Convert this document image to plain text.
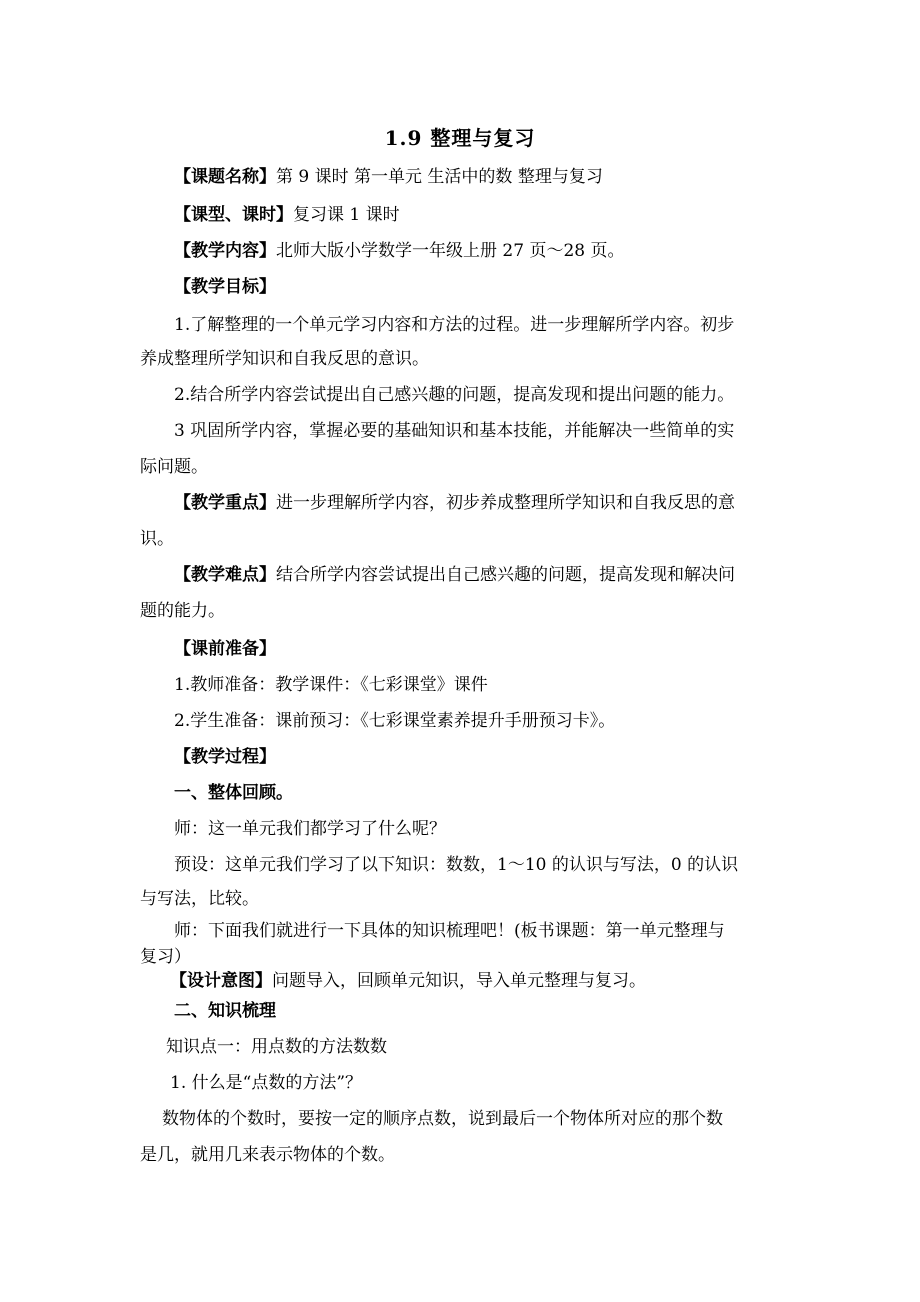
1.9 整理与复习
【课题名称】第 9 课时 第一单元 生活中的数 整理与复习
【课型、课时】复习课 1 课时
【教学内容】北师大版小学数学一年级上册 27 页～28 页。
【教学目标】
1.了解整理的一个单元学习内容和方法的过程。进一步理解所学内容。初步
养成整理所学知识和自我反思的意识。
2.结合所学内容尝试提出自己感兴趣的问题，提高发现和提出问题的能力。
3 巩固所学内容，掌握必要的基础知识和基本技能，并能解决一些简单的实
际问题。
【教学重点】进一步理解所学内容，初步养成整理所学知识和自我反思的意
识。
【教学难点】结合所学内容尝试提出自己感兴趣的问题，提高发现和解决问
题的能力。
【课前准备】
1.教师准备：教学课件：《七彩课堂》课件
2.学生准备：课前预习：《七彩课堂素养提升手册预习卡》。
【教学过程】
一、整体回顾。
师：这一单元我们都学习了什么呢？
预设：这单元我们学习了以下知识：数数，1～10 的认识与写法，0 的认识
与写法，比较。
师：下面我们就进行一下具体的知识梳理吧！(板书课题：第一单元整理与
复习）
【设计意图】问题导入，回顾单元知识，导入单元整理与复习。
二、知识梳理
知识点一：用点数的方法数数
1. 什么是“点数的方法”？
数物体的个数时，要按一定的顺序点数，说到最后一个物体所对应的那个数
是几，就用几来表示物体的个数。
